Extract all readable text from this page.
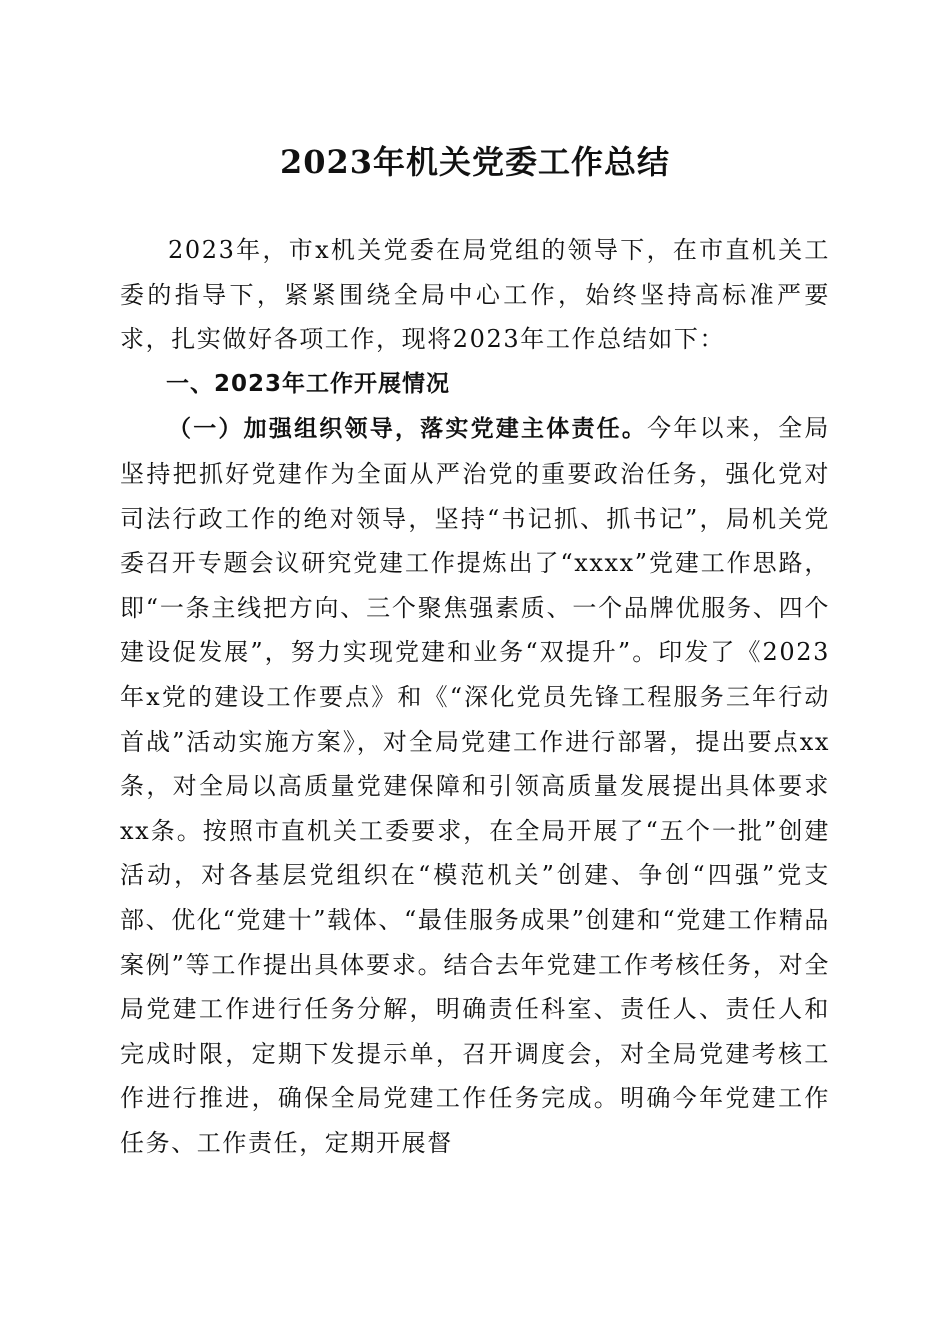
2023年机关党委工作总结

2023年，市x机关党委在局党组的领导下，在市直机关工委的指导下，紧紧围绕全局中心工作，始终坚持高标准严要求，扎实做好各项工作，现将2023年工作总结如下：

一、2023年工作开展情况

（一）加强组织领导，落实党建主体责任。今年以来，全局坚持把抓好党建作为全面从严治党的重要政治任务，强化党对司法行政工作的绝对领导，坚持“书记抓、抓书记”，局机关党委召开专题会议研究党建工作提炼出了“xxxx”党建工作思路，即“一条主线把方向、三个聚焦强素质、一个品牌优服务、四个建设促发展”，努力实现党建和业务“双提升”。印发了《2023年x党的建设工作要点》和《“深化党员先锋工程服务三年行动首战”活动实施方案》，对全局党建工作进行部署，提出要点xx条，对全局以高质量党建保障和引领高质量发展提出具体要求xx条。按照市直机关工委要求，在全局开展了“五个一批”创建活动，对各基层党组织在“模范机关”创建、争创“四强”党支部、优化“党建十”载体、“最佳服务成果”创建和“党建工作精品案例”等工作提出具体要求。结合去年党建工作考核任务，对全局党建工作进行任务分解，明确责任科室、责任人、责任人和完成时限，定期下发提示单，召开调度会，对全局党建考核工作进行推进，确保全局党建工作任务完成。明确今年党建工作任务、工作责任，定期开展督
